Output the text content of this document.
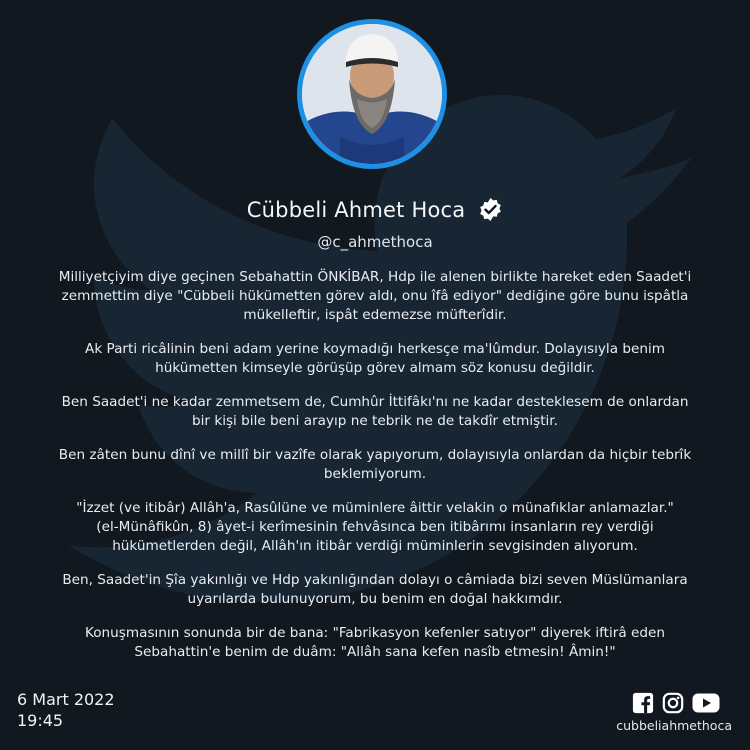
Cübbeli Ahmet Hoca
@c_ahmethoca

Milliyetçiyim diye geçinen Sebahattin ÖNKİBAR, Hdp ile alenen birlikte hareket eden Saadet'i
zemmettim diye "Cübbeli hükümetten görev aldı, onu îfâ ediyor" dediğine göre bunu ispâtla
mükelleftir, ispât edemezse müfterîdir.

Ak Parti ricâlinin beni adam yerine koymadığı herkesçe ma'lûmdur. Dolayısıyla benim
hükümetten kimseyle görüşüp görev almam söz konusu değildir.

Ben Saadet'i ne kadar zemmetsem de, Cumhûr İttifâkı'nı ne kadar desteklesem de onlardan
bir kişi bile beni arayıp ne tebrik ne de takdîr etmiştir.

Ben zâten bunu dînî ve millî bir vazîfe olarak yapıyorum, dolayısıyla onlardan da hiçbir tebrîk
beklemiyorum.

"İzzet (ve itibâr) Allâh'a, Rasûlüne ve müminlere âittir velakin o münafıklar anlamazlar."
(el-Münâfikûn, 8) âyet-i kerîmesinin fehvâsınca ben itibârımı insanların rey verdiği
hükümetlerden değil, Allâh'ın itibâr verdiği müminlerin sevgisinden alıyorum.

Ben, Saadet'in Şîa yakınlığı ve Hdp yakınlığından dolayı o câmiada bizi seven Müslümanlara
uyarılarda bulunuyorum, bu benim en doğal hakkımdır.

Konuşmasının sonunda bir de bana: "Fabrikasyon kefenler satıyor" diyerek iftirâ eden
Sebahattin'e benim de duâm: "Allâh sana kefen nasîb etmesin! Âmin!"

6 Mart 2022
19:45	cubbeliahmethoca
